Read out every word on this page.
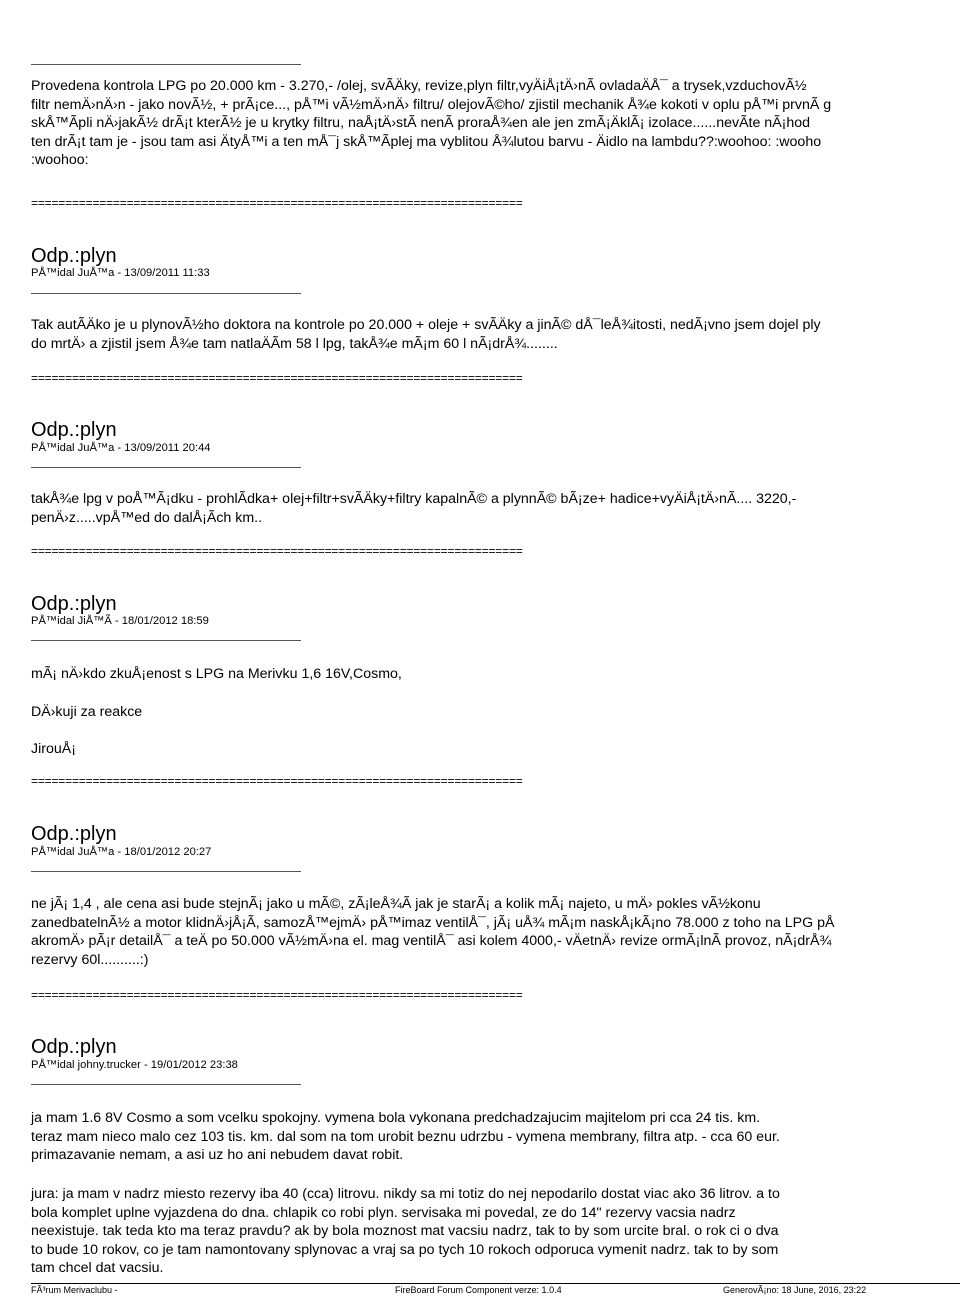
Provedena kontrola LPG po 20.000 km - 3.270,- /olej, svÃÄky, revize,plyn filtr,vyÄiÅ¡tÄ›nÃ ovladaÄÅ¯ a trysek,vzduchovÃ½
filtr nemÄ›nÄ›n - jako novÃ½, + prÃ¡ce..., pÅ™i vÃ½mÄ›nÄ› filtru/ olejovÃ©ho/ zjistil mechanik Å¾e kokoti v oplu pÅ™i prvnÃ g
skÅ™Ãpli nÄ›jakÃ½ drÃ¡t kterÃ½ je u krytky filtru, naÅ¡tÄ›stÃ nenÃ proraÅ¾en ale jen zmÃ¡ÄklÃ¡ izolace......nevÃte nÃ¡hod
ten drÃ¡t tam je - jsou tam asi ÄtyÅ™i a ten mÅ¯j skÅ™Ãplej ma vyblitou Å¾lutou barvu - Äidlo na lambdu??:woohoo: :wooho
:woohoo:
========================================================================
Odp.:plyn
PÅ™idal JuÅ™a - 13/09/2011 11:33
Tak autÃÄko je u plynovÃ½ho doktora na kontrole po 20.000 + oleje + svÃÄky a jinÃ© dÅ¯leÅ¾itosti, nedÃ¡vno jsem dojel ply
do mrtÄ› a zjistil jsem Å¾e tam natlaÄÃm 58 l lpg, takÅ¾e mÃ¡m 60 l nÃ¡drÅ¾........
========================================================================
Odp.:plyn
PÅ™idal JuÅ™a - 13/09/2011 20:44
takÅ¾e lpg v poÅ™Ã¡dku - prohlÃdka+ olej+filtr+svÃÄky+filtry kapalnÃ© a plynnÃ© bÃ¡ze+ hadice+vyÄiÅ¡tÄ›nÃ.... 3220,-
penÄ›z.....vpÅ™ed do dalÅ¡Ãch km..
========================================================================
Odp.:plyn
PÅ™idal JiÅ™Ã - 18/01/2012 18:59
mÃ¡ nÄ›kdo zkuÅ¡enost s LPG na Merivku 1,6 16V,Cosmo,
DÄ›kuji za reakce
JirouÅ¡
========================================================================
Odp.:plyn
PÅ™idal JuÅ™a - 18/01/2012 20:27
ne jÃ¡ 1,4 , ale cena asi bude stejnÃ¡ jako u mÃ©, zÃ¡leÅ¾Ã jak je starÃ¡ a kolik mÃ¡ najeto, u mÄ› pokles vÃ½konu
zanedbatelnÃ½ a motor klidnÄ›jÅ¡Ã, samozÅ™ejmÄ› pÅ™imaz ventilÅ¯, jÃ¡ uÅ¾ mÃ¡m naskÅ¡kÃ¡no 78.000 z toho na LPG pÅ
akromÄ› pÃ¡r detailÅ¯ a teÄ po 50.000 vÃ½mÄ›na el. mag ventilÅ¯ asi kolem 4000,- vÄetnÄ› revize ormÃ¡lnÃ provoz, nÃ¡drÅ¾
rezervy 60l..........:)
========================================================================
Odp.:plyn
PÅ™idal johny.trucker - 19/01/2012 23:38
ja mam 1.6 8V Cosmo a som vcelku spokojny. vymena bola vykonana predchadzajucim majitelom pri cca 24 tis. km.
teraz mam nieco malo cez 103 tis. km. dal som na tom urobit beznu udrzbu - vymena membrany, filtra atp. - cca 60 eur.
primazavanie nemam, a asi uz ho ani nebudem davat robit.
jura: ja mam v nadrz miesto rezervy iba 40 (cca) litrovu. nikdy sa mi totiz do nej nepodarilo dostat viac ako 36 litrov. a to
bola komplet uplne vyjazdena do dna. chlapik co robi plyn. servisaka mi povedal, ze do 14" rezervy vacsia nadrz
neexistuje. tak teda kto ma teraz pravdu? ak by bola moznost mat vacsiu nadrz, tak to by som urcite bral. o rok ci o dva
to bude 10 rokov, co je tam namontovany splynovac a vraj sa po tych 10 rokoch odporuca vymenit nadrz. tak to by som
tam chcel dat vacsiu.
FÃ³rum Merivaclubu -	FireBoard Forum Component verze: 1.0.4	GenerovÃ¡no: 18 June, 2016, 23:22
